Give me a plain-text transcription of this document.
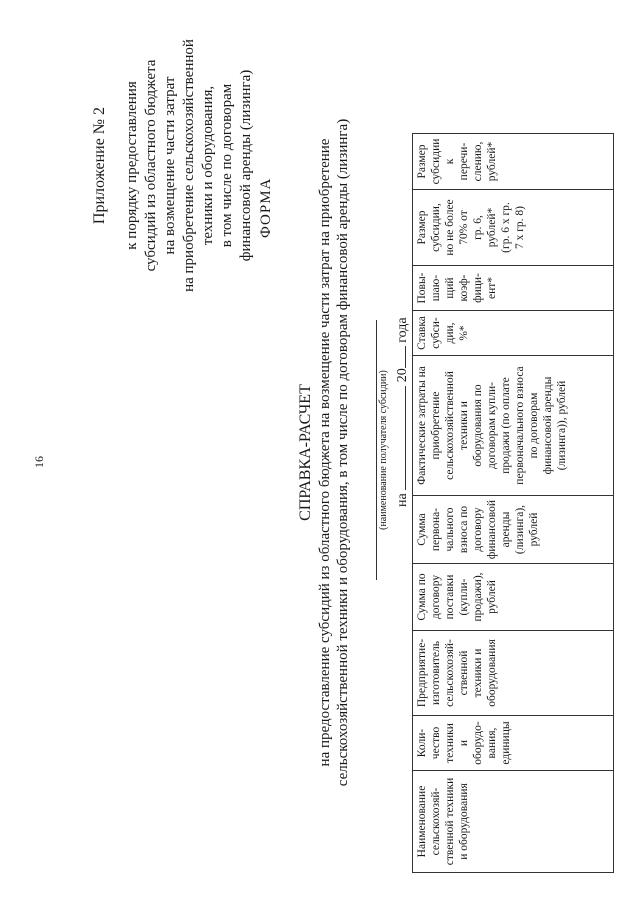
16
Приложение № 2 к порядку предоставления субсидий из областного бюджета на возмещение части затрат на приобретение сельскохозяйственной техники и оборудования, в том числе по договорам финансовой аренды (лизинга) ФОРМА
СПРАВКА-РАСЧЕТ на предоставление субсидий из областного бюджета на возмещение части затрат на приобретение сельскохозяйственной техники и оборудования, в том числе по договорам финансовой аренды (лизинга)	(наименование получателя субсидии) на  20 года
Наименование
сельскохозяй-
ственной техники
и оборудования	Коли-
чество
техники
и
оборудо-
вания,
единицы	Предприятие-
изготовитель
сельскохозяй-
ственной
техники и
оборудования	Сумма по
договору
поставки
(купли-
продажи),
рублей	Сумма
первона-
чального
взноса по
договору
финансовой
аренды
(лизинга),
рублей	Фактические затраты на
приобретение
сельскохозяйственной
техники и
оборудования по
договорам купли-
продажи (по оплате
первоначального взноса
по договорам
финансовой аренды
(лизинга)), рублей	Ставка
субси-
дии,
%*	Повы-
шаю-
щий
коэф-
фици-
ент*	Размер
субсидии,
но не более
70% от
гр. 6,
рублей*
(гр. 6 х гр.
7 х гр. 8)	Размер
субсидии
к
перечи-
слению,
рублей*
